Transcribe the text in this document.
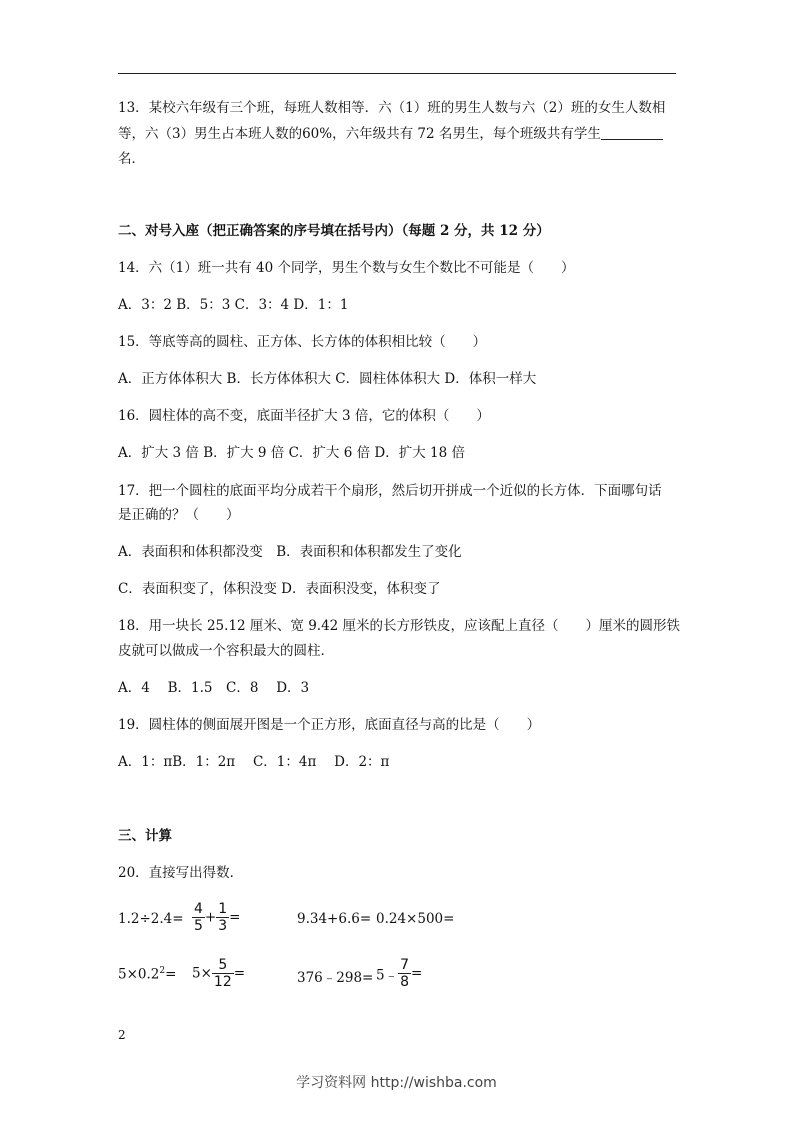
13．某校六年级有三个班，每班人数相等．六（1）班的男生人数与六（2）班的女生人数相
等，六（3）男生占本班人数的60%，六年级共有 72 名男生，每个班级共有学生
名．
二、对号入座（把正确答案的序号填在括号内）（每题 2 分，共 12 分）
14．六（1）班一共有 40 个同学，男生个数与女生个数比不可能是（　　）
A．3：2 B．5：3 C．3：4 D．1：1
15．等底等高的圆柱、正方体、长方体的体积相比较（　　）
A．正方体体积大 B．长方体体积大 C．圆柱体体积大 D．体积一样大
16．圆柱体的高不变，底面半径扩大 3 倍，它的体积（　　）
A．扩大 3 倍 B．扩大 9 倍 C．扩大 6 倍 D．扩大 18 倍
17．把一个圆柱的底面平均分成若干个扇形，然后切开拼成一个近似的长方体．下面哪句话
是正确的？（　　）
A．表面积和体积都没变　B．表面积和体积都发生了变化
C．表面积变了，体积没变 D．表面积没变，体积变了
18．用一块长 25.12 厘米、宽 9.42 厘米的长方形铁皮，应该配上直径（　　）厘米的圆形铁
皮就可以做成一个容积最大的圆柱．
A．4　 B．1.5　C．8　 D．3
19．圆柱体的侧面展开图是一个正方形，底面直径与高的比是（　　）
A．1：πB．1：2π　 C．1：4π　 D．2：π
三、计算
20．直接写出得数．
$1.2\div 2.4= \frac{4}{5} + \frac{1}{3}$ =	9.34+6.6= 0.24×500=
$5\times 0.2^2= 5\times \frac{5}{12}$ =	376﹣298= 5﹣ $\frac{7}{8}$ =
2
学习资料网 http://wishba.com
